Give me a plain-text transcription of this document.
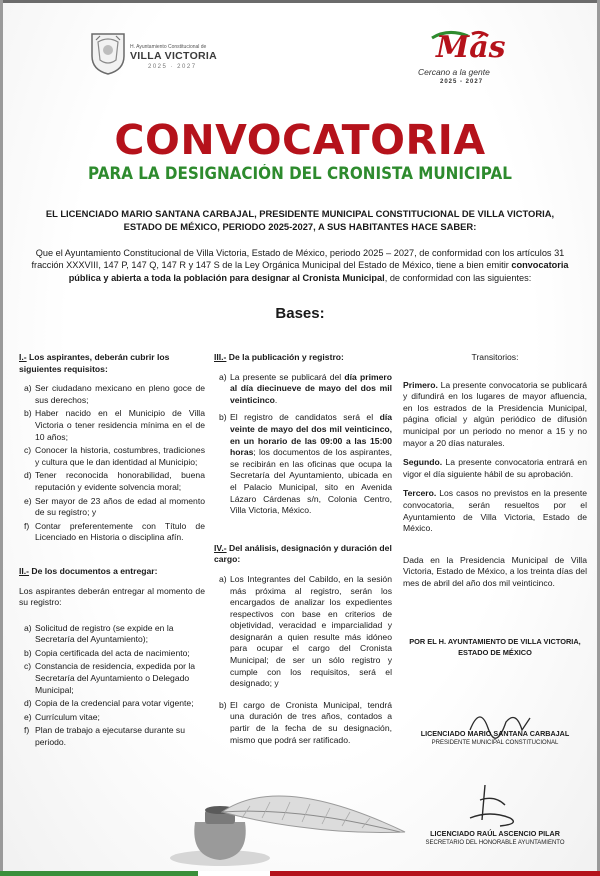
H. Ayuntamiento Constitucional de
VILLA VICTORIA
2025 · 2027
Más
Cercano a la gente
2025 - 2027
CONVOCATORIA
PARA LA DESIGNACIÓN DEL CRONISTA MUNICIPAL
EL LICENCIADO MARIO SANTANA CARBAJAL, PRESIDENTE MUNICIPAL CONSTITUCIONAL DE VILLA VICTORIA, ESTADO DE MÉXICO, PERIODO 2025-2027, A SUS HABITANTES HACE SABER:
Que el Ayuntamiento Constitucional de Villa Victoria, Estado de México, periodo 2025 – 2027, de conformidad con los artículos 31 fracción XXXVIII, 147 P, 147 Q, 147 R y 147 S de la Ley Orgánica Municipal del Estado de México, tiene a bien emitir convocatoria pública y abierta a toda la población para designar al Cronista Municipal, de conformidad con las siguientes:
Bases:
I.- Los aspirantes, deberán cubrir los siguientes requisitos:
a) Ser ciudadano mexicano en pleno goce de sus derechos;
b) Haber nacido en el Municipio de Villa Victoria o tener residencia mínima en el de 10 años;
c) Conocer la historia, costumbres, tradiciones y cultura que le dan identidad al Municipio;
d) Tener reconocida honorabilidad, buena reputación y evidente solvencia moral;
e) Ser mayor de 23 años de edad al momento de su registro; y
f) Contar preferentemente con Título de Licenciado en Historia o disciplina afín.
II.- De los documentos a entregar:
Los aspirantes deberán entregar al momento de su registro:
a) Solicitud de registro (se expide en la Secretaría del Ayuntamiento);
b) Copia certificada del acta de nacimiento;
c) Constancia de residencia, expedida por la Secretaría del Ayuntamiento o Delegado Municipal;
d) Copia de la credencial para votar vigente;
e) Currículum vitae;
f) Plan de trabajo a ejecutarse durante su periodo.
III.- De la publicación y registro:
a) La presente se publicará del día primero al día diecinueve de mayo del dos mil veinticinco.
b) El registro de candidatos será el día veinte de mayo del dos mil veinticinco, en un horario de las 09:00 a las 15:00 horas; los documentos de los aspirantes, se recibirán en las oficinas que ocupa la Secretaría del Ayuntamiento, ubicada en el Palacio Municipal, sito en Avenida Lázaro Cárdenas s/n, Colonia Centro, Villa Victoria, México.
IV.- Del análisis, designación y duración del cargo:
a) Los Integrantes del Cabildo, en la sesión más próxima al registro, serán los encargados de analizar los expedientes respectivos con base en criterios de objetividad, veracidad e imparcialidad y designarán a quien resulte más idóneo para ocupar el cargo del Cronista Municipal; de ser un sólo registro y cumple con los requisitos, será el designado; y
b) El cargo de Cronista Municipal, tendrá una duración de tres años, contados a partir de la fecha de su designación, mismo que podrá ser ratificado.
Transitorios:
Primero. La presente convocatoria se publicará y difundirá en los lugares de mayor afluencia, en los estrados de la Presidencia Municipal, página oficial y algún periódico de difusión municipal por un periodo no menor a 15 y no mayor a 20 días naturales.
Segundo. La presente convocatoria entrará en vigor el día siguiente hábil de su aprobación.
Tercero. Los casos no previstos en la presente convocatoria, serán resueltos por el Ayuntamiento de Villa Victoria, Estado de México.
Dada en la Presidencia Municipal de Villa Victoria, Estado de México, a los treinta días del mes de abril del año dos mil veinticinco.
POR EL H. AYUNTAMIENTO DE VILLA VICTORIA, ESTADO DE MÉXICO
LICENCIADO MARIO SANTANA CARBAJAL
PRESIDENTE MUNICIPAL CONSTITUCIONAL
LICENCIADO RAÚL ASCENCIO PILAR
SECRETARIO DEL HONORABLE AYUNTAMIENTO
